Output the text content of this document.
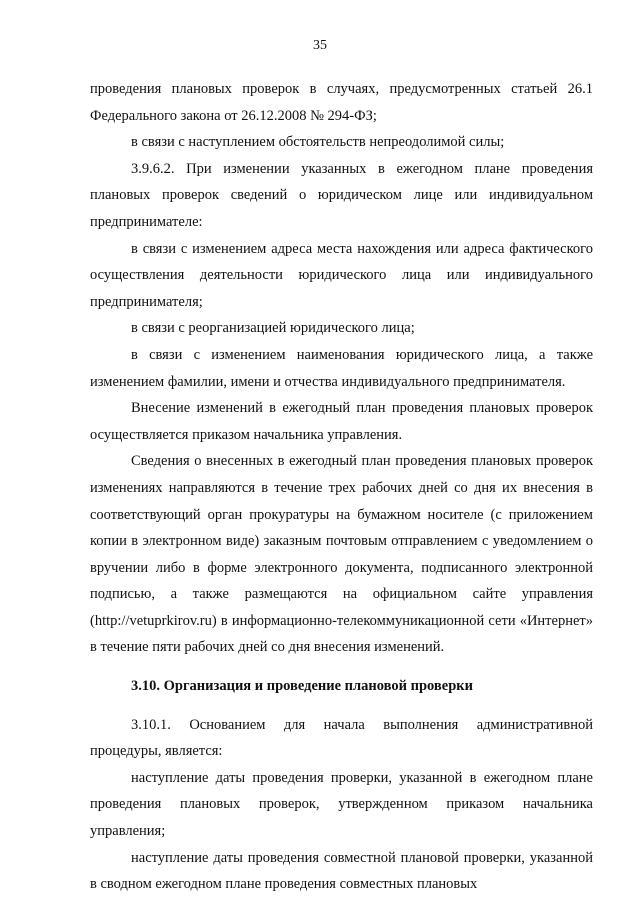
35

проведения плановых проверок в случаях, предусмотренных статьей 26.1 Федерального закона от 26.12.2008 № 294-ФЗ;

в связи с наступлением обстоятельств непреодолимой силы;

3.9.6.2. При изменении указанных в ежегодном плане проведения плановых проверок сведений о юридическом лице или индивидуальном предпринимателе:

в связи с изменением адреса места нахождения или адреса фактического осуществления деятельности юридического лица или индивидуального предпринимателя;

в связи с реорганизацией юридического лица;

в связи с изменением наименования юридического лица, а также изменением фамилии, имени и отчества индивидуального предпринимателя.

Внесение изменений в ежегодный план проведения плановых проверок осуществляется приказом начальника управления.

Сведения о внесенных в ежегодный план проведения плановых проверок изменениях направляются в течение трех рабочих дней со дня их внесения в соответствующий орган прокуратуры на бумажном носителе (с приложением копии в электронном виде) заказным почтовым отправлением с уведомлением о вручении либо в форме электронного документа, подписанного электронной подписью, а также размещаются на официальном сайте управления (http://vetuprkirov.ru) в информационно-телекоммуникационной сети «Интернет» в течение пяти рабочих дней со дня внесения изменений.

3.10. Организация и проведение плановой проверки

3.10.1. Основанием для начала выполнения административной процедуры, является:

наступление даты проведения проверки, указанной в ежегодном плане проведения плановых проверок, утвержденном приказом начальника управления;

наступление даты проведения совместной плановой проверки, указанной в сводном ежегодном плане проведения совместных плановых
